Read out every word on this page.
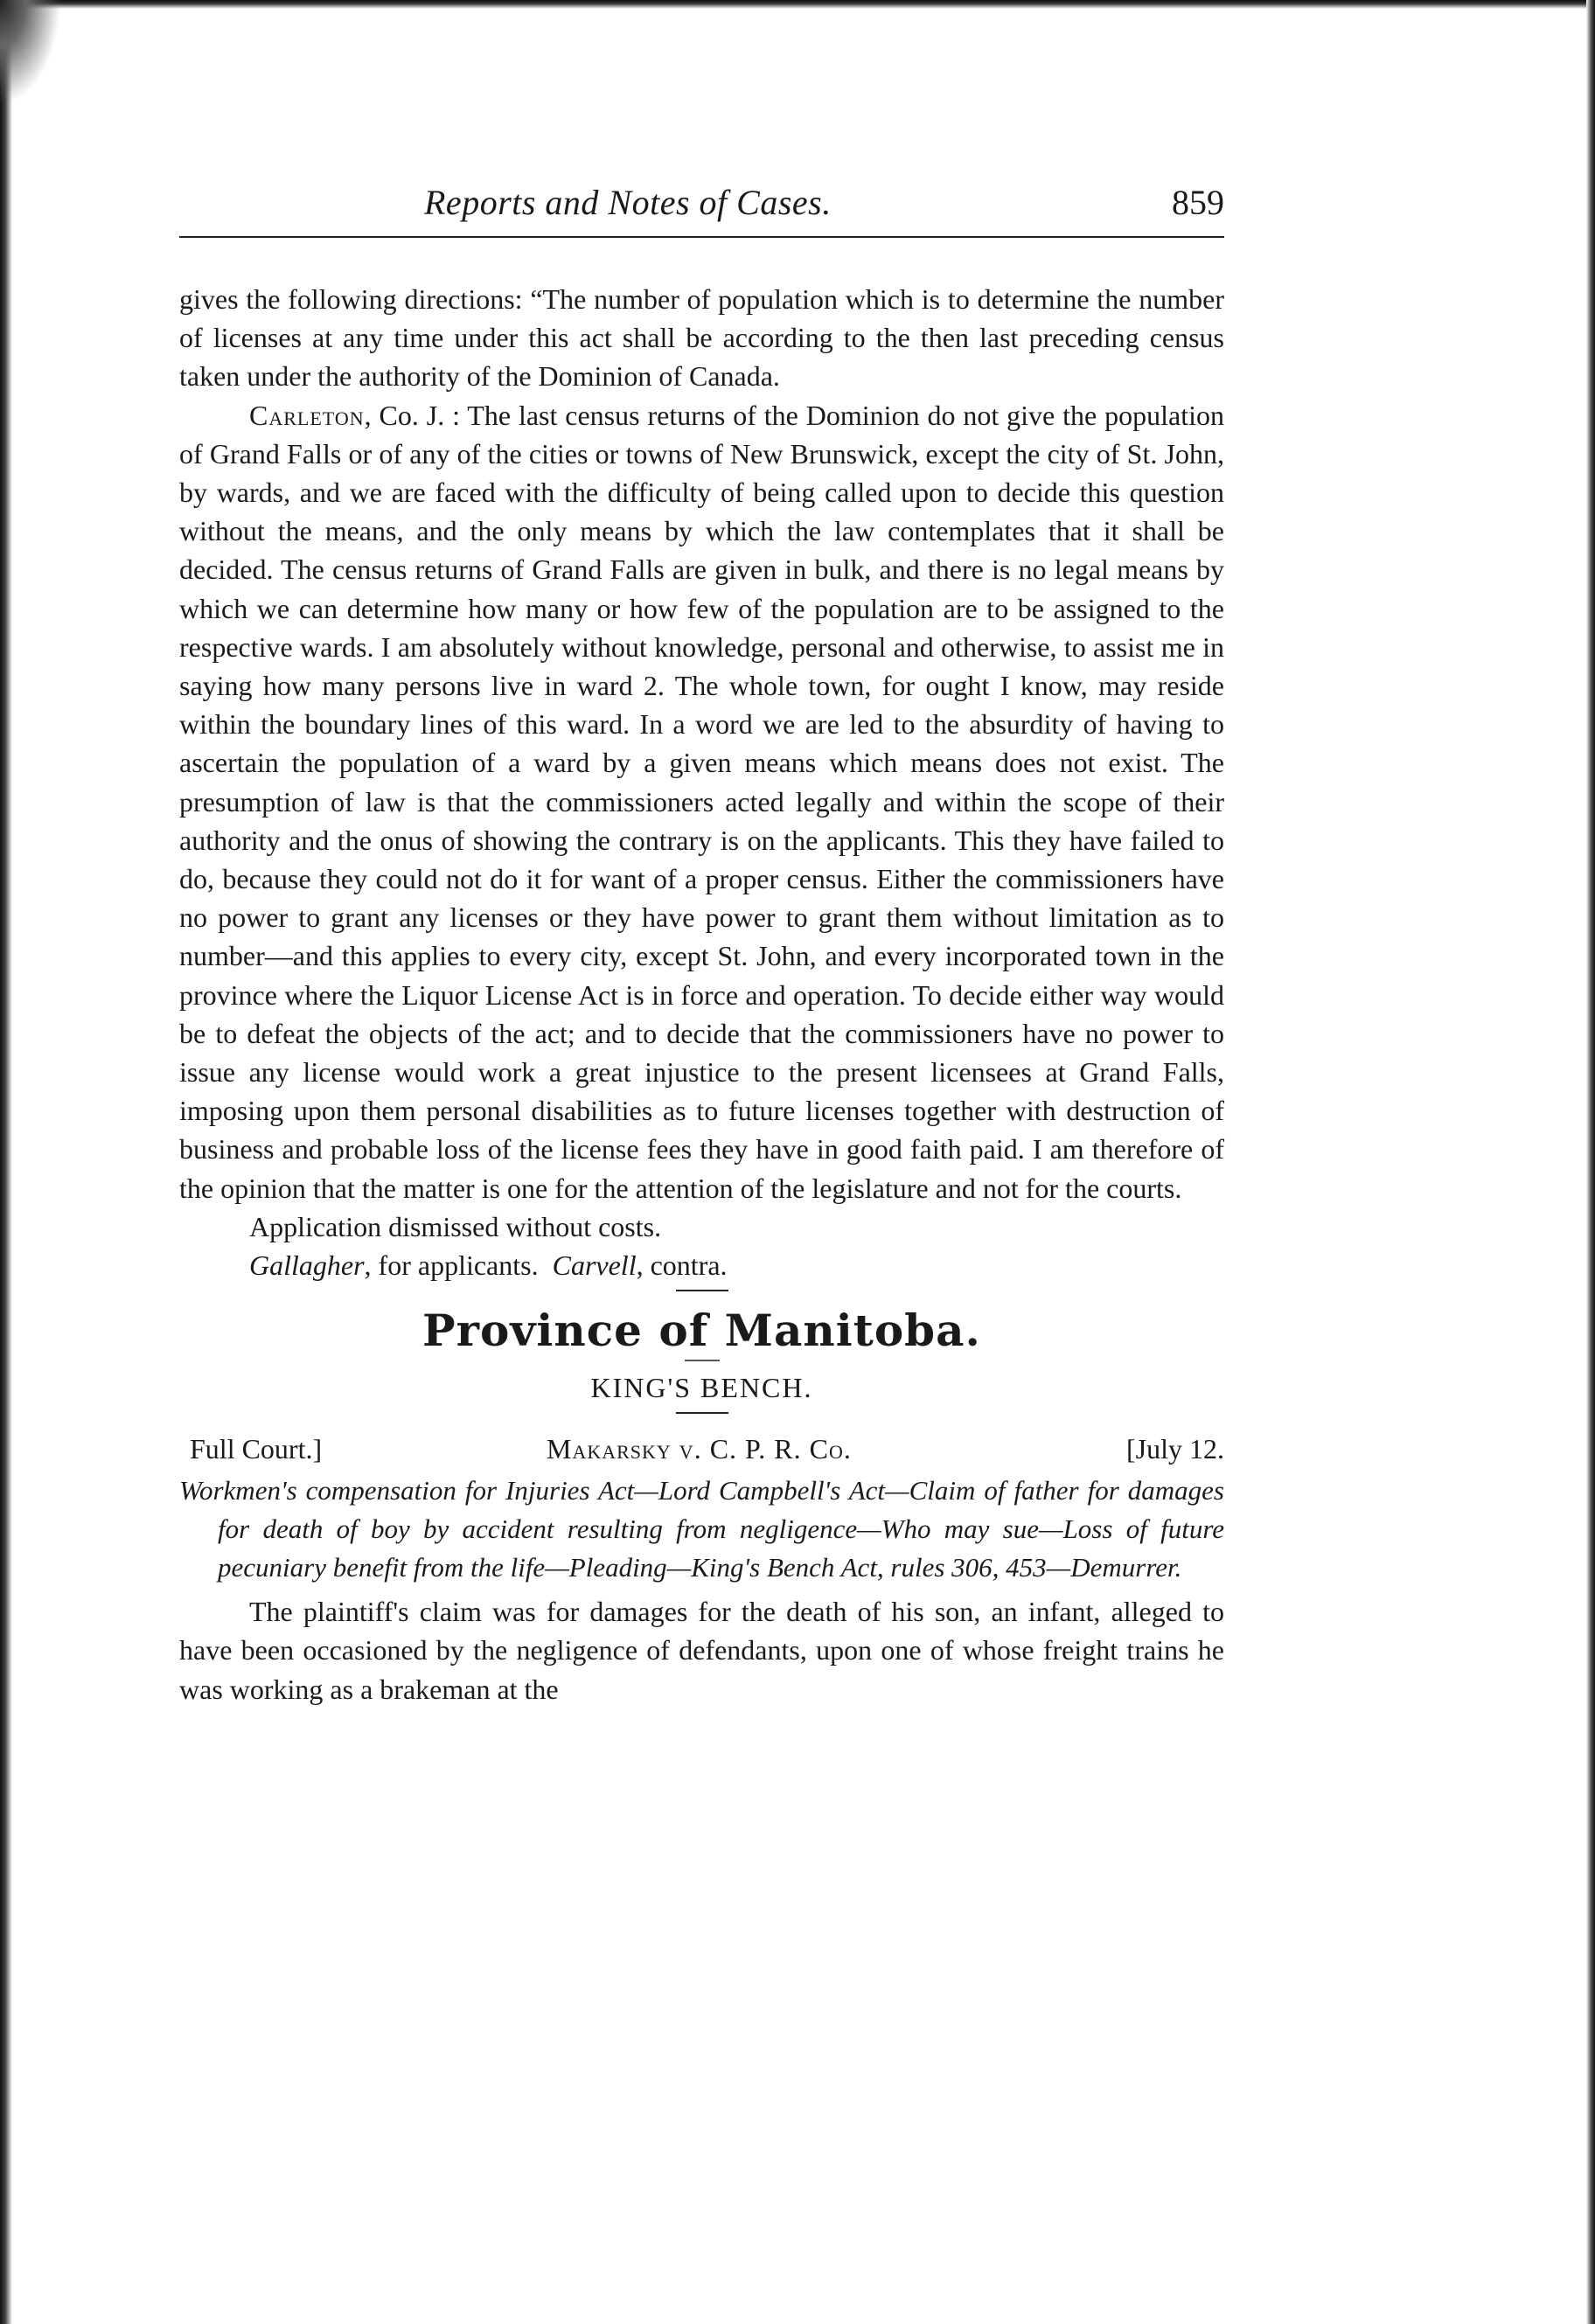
Reports and Notes of Cases.	859

gives the following directions: “The number of population which is to determine the number of licenses at any time under this act shall be according to the then last preceding census taken under the authority of the Dominion of Canada.

Carleton, Co. J. : The last census returns of the Dominion do not give the population of Grand Falls or of any of the cities or towns of New Brunswick, except the city of St. John, by wards, and we are faced with the difficulty of being called upon to decide this question without the means, and the only means by which the law contemplates that it shall be decided. The census returns of Grand Falls are given in bulk, and there is no legal means by which we can determine how many or how few of the population are to be assigned to the respective wards. I am absolutely without knowledge, personal and otherwise, to assist me in saying how many persons live in ward 2. The whole town, for ought I know, may reside within the boundary lines of this ward. In a word we are led to the absurdity of having to ascertain the population of a ward by a given means which means does not exist. The presumption of law is that the commissioners acted legally and within the scope of their authority and the onus of showing the contrary is on the applicants. This they have failed to do, because they could not do it for want of a proper census. Either the commissioners have no power to grant any licenses or they have power to grant them without limitation as to number—and this applies to every city, except St. John, and every incorporated town in the province where the Liquor License Act is in force and operation. To decide either way would be to defeat the objects of the act; and to decide that the commissioners have no power to issue any license would work a great injustice to the present licensees at Grand Falls, imposing upon them personal disabilities as to future licenses together with destruction of business and probable loss of the license fees they have in good faith paid. I am therefore of the opinion that the matter is one for the attention of the legislature and not for the courts.

Application dismissed without costs.

Gallagher, for applicants. Carvell, contra.

Province of Manitoba.
KING'S BENCH.
Full Court.]	Makarsky v. C. P. R. Co.	[July 12.

Workmen's compensation for Injuries Act—Lord Campbell's Act—Claim of father for damages for death of boy by accident resulting from negligence—Who may sue—Loss of future pecuniary benefit from the life—Pleading—King's Bench Act, rules 306, 453—Demurrer.

The plaintiff's claim was for damages for the death of his son, an infant, alleged to have been occasioned by the negligence of defendants, upon one of whose freight trains he was working as a brakeman at the
